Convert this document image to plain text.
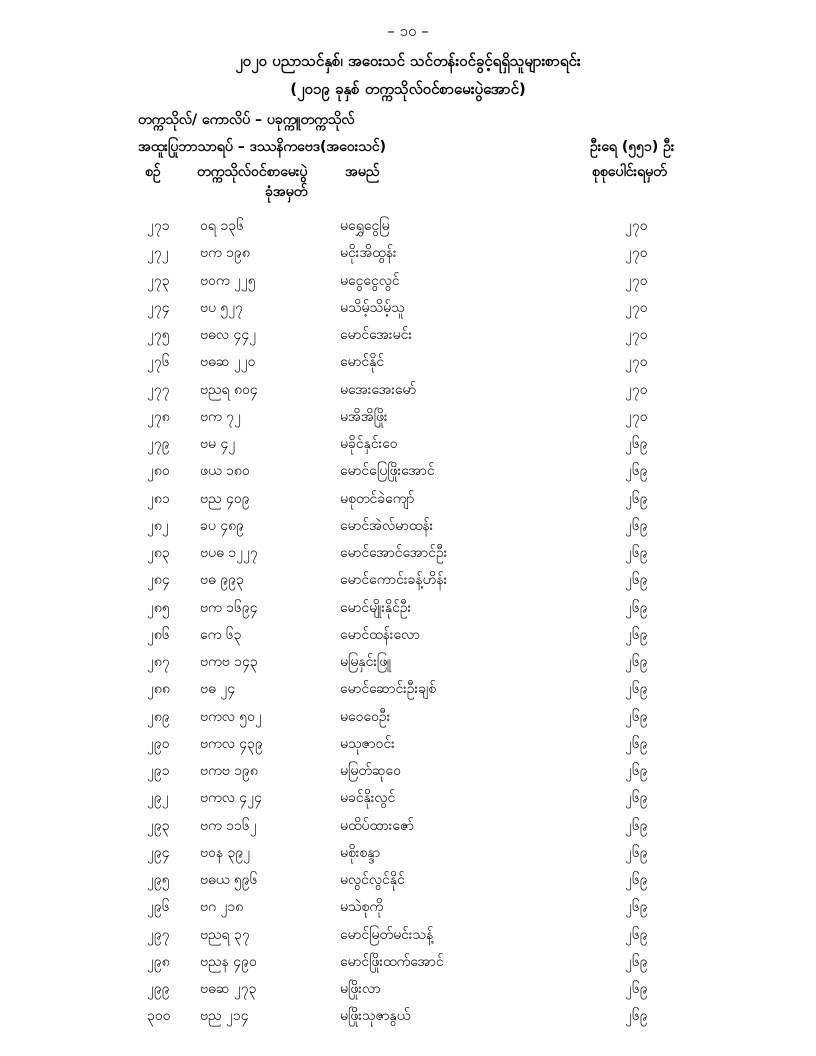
– ၁၀ –
၂၀၂၀ ပညာသင်နှစ်၊ အဝေးသင် သင်တန်းဝင်ခွင့်ရရှိသူများစာရင်း
(၂၀၁၉ ခုနှစ် တက္ကသိုလ်ဝင်စာမေးပွဲအောင်)
တက္ကသိုလ်/ ကောလိပ် – ပခုက္ကူတက္ကသိုလ်
အထူးပြုဘာသာရပ် – ဒဿနိကဗေဒ(အဝေးသင်)	ဦးရေ (၅၅၁) ဦး
စဉ်	တက္ကသိုလ်ဝင်စာမေးပွဲ
ခုံအမှတ်
အမည်	စုစုပေါင်းရမှတ်
၂၇၁ ဝရ ၁၃၆	မရွှေငွေမြ	၂၇၀
၂၇၂ ဗက ၁၉၈	မငိုးအိထွန်း	၂၇၀
၂၇၃ ဗဝက ၂၂၅	မငွေငွေလွင်	၂၇၀
၂၇၄ ဗပ ၅၂၇	မသိမ့်သိမ့်သူ	၂၇၀
၂၇၅ ဗဓလ ၄၄၂	မောင်အေးမင်း	၂၇၀
၂၇၆ ဗဓဆ ၂၂၀	မောင်နိုင်	၂၇၀
၂၇၇ ဗညရ ၈၀၄	မအေးအေးမော်	၂၇၀
၂၇၈ ဗက ၇၂	မအိအိဖြိုး	၂၇၀
၂၇၉ ဗမ ၄၂	မခိုင်နှင်းဝေ	၂၆၉
၂၈၀ ဖယ ၁၈၀	မောင်ပြေဖြိုးအောင်	၂၆၉
၂၈၁ ဗည ၄၀၉	မစုတင်ခဲကျော်	၂၆၉
၂၈၂ ခပ ၄၈၉	မောင်အဲလ်မာထန်း	၂၆၉
၂၈၃ ဗပဓ ၁၂၂၇	မောင်အောင်အောင်ဦး	၂၆၉
၂၈၄ ဗဓ ၉၉၃	မောင်ကောင်းခန့်ဟိန်း	၂၆၉
၂၈၅ ဗက ၁၆၉၄	မောင်မျိုးနိုင်ဦး	၂၆၉
၂၈၆ ကေ ၆၃	မောင်ထန်းလော	၂၆၉
၂၈၇ ဗကဗ ၁၄၃	မမြနှင်းဖြူ	၂၆၉
၂၈၈ ဗဓ ၂၄	မောင်ဆောင်းဦးချစ်	၂၆၉
၂၈၉ ဗကလ ၅၀၂	မဝေဝေဦး	၂၆၉
၂၉၀ ဗကလ ၄၃၉	မသုဇာဝင်း	၂၆၉
၂၉၁ ဗကဗ ၁၉၈	မမြတ်ဆုဝေ	၂၆၉
၂၉၂ ဗကလ ၄၂၄	မခင်နိုးလွင်	၂၆၉
၂၉၃ ဗက ၁၁၆၂	မထိပ်ထားဇော်	၂၆၉
၂၉၄ ဗဝန ၃၉၂	မစိုးစန္ဒာ	၂၆၉
၂၉၅ ဗဓယ ၅၉၆	မလွင်လွင်နိုင်	၂၆၉
၂၉၆ ဗဂ ၂၁၈	မသဲစုကို	၂၆၉
၂၉၇ ဗညရ ၃၇	မောင်မြတ်မင်းသန့်	၂၆၉
၂၉၈ ဗညန ၄၉၀	မောင်ဖြိုးထက်အောင်	၂၆၉
၂၉၉ ဗဓဆ ၂၇၃	မဖြိုးလာ	၂၆၉
၃၀၀ ဗည ၂၁၄	မဖြိုးသုဇာနွယ်	၂၆၉
